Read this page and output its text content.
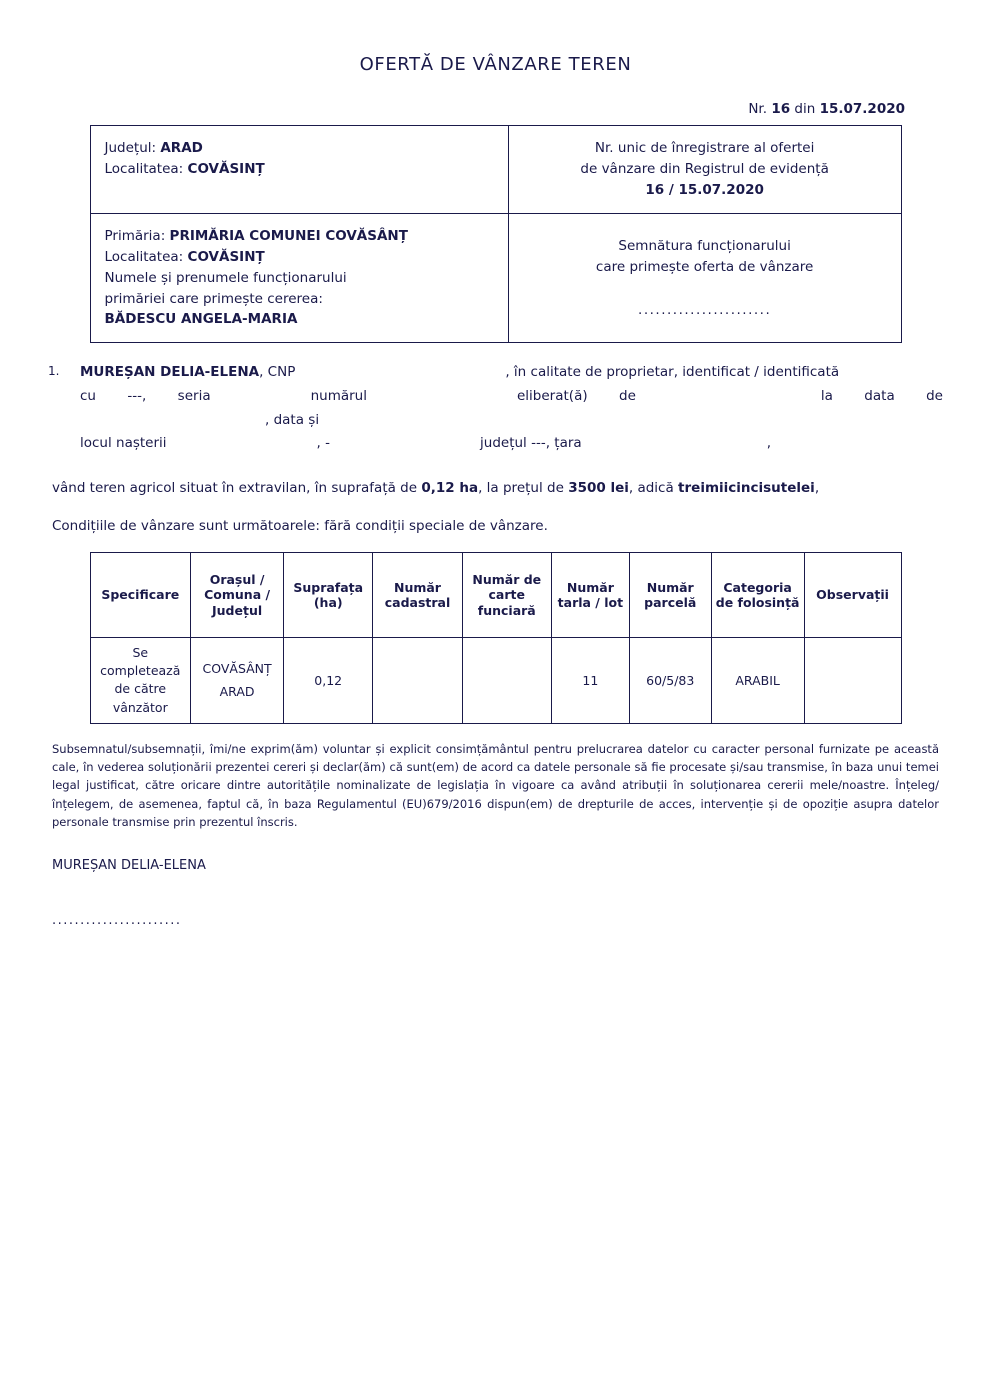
OFERTĂ DE VÂNZARE TEREN
Nr. 16 din 15.07.2020
Județul: ARAD
Localitatea: COVĂSINȚ

Nr. unic de înregistrare al ofertei
de vânzare din Registrul de evidență
16 / 15.07.2020

Primăria: PRIMĂRIA COMUNEI COVĂSÂNȚ
Localitatea: COVĂSINȚ
Numele și prenumele funcționarului
primăriei care primește cererea:
BĂDESCU ANGELA-MARIA

Semnătura funcționarului
care primește oferta de vânzare
.......................
1. MUREȘAN DELIA-ELENA, CNP	, în calitate de proprietar, identificat / identificată
cu ---, seria	numărul	eliberat(ă) de	la data de, data și
locul nașterii	, -	județul ---, țara	,
vând teren agricol situat în extravilan, în suprafață de 0,12 ha, la prețul de 3500 lei, adică treimiicincisutelei,
Condițiile de vânzare sunt următoarele: fără condiții speciale de vânzare.
Specificare	Orașul / Comuna / Județul	Suprafața (ha)	Număr cadastral	Număr de carte funciară	Număr tarla / lot	Număr parcelă	Categoria de folosință	Observații
Se completează de către vânzător	COVĂSÂNȚ
ARAD	0,12			11	60/5/83	ARABIL	
Subsemnatul/subsemnații, îmi/ne exprim(ăm) voluntar și explicit consimțământul pentru prelucrarea datelor cu caracter personal furnizate pe această cale, în vederea soluționării prezentei cereri și declar(ăm) că sunt(em) de acord ca datele personale să fie procesate și/sau transmise, în baza unui temei legal justificat, către oricare dintre autoritățile nominalizate de legislația în vigoare ca având atribuții în soluționarea cererii mele/noastre. Înțeleg/înțelegem, de asemenea, faptul că, în baza Regulamentul (EU)679/2016 dispun(em) de drepturile de acces, intervenție și de opoziție asupra datelor personale transmise prin prezentul înscris.
MUREȘAN DELIA-ELENA
.......................
